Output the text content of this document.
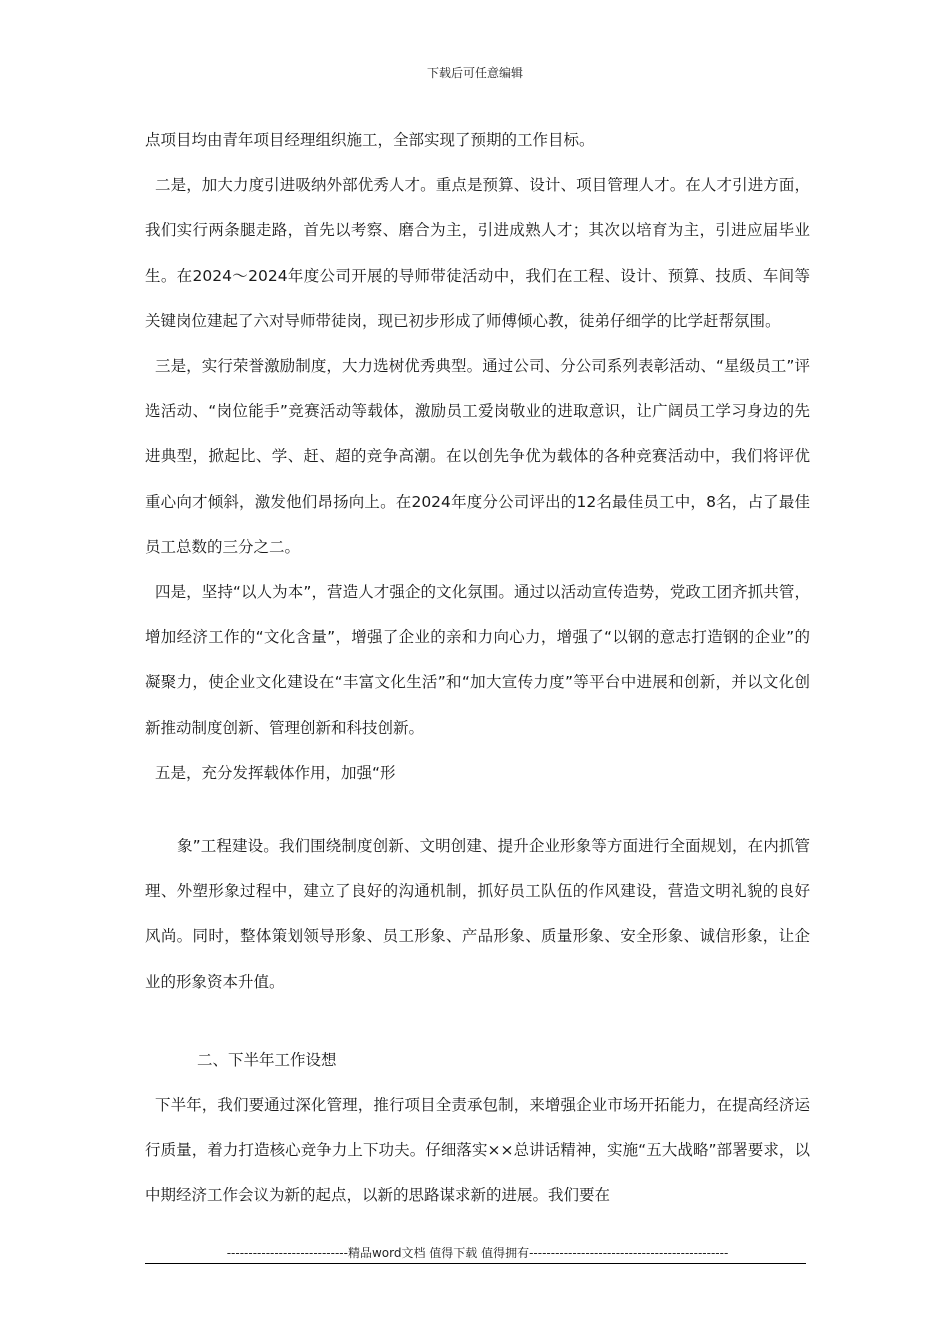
下载后可任意编辑

点项目均由青年项目经理组织施工，全部实现了预期的工作目标。

二是，加大力度引进吸纳外部优秀人才。重点是预算、设计、项目管理人才。在人才引进方面，我们实行两条腿走路，首先以考察、磨合为主，引进成熟人才；其次以培育为主，引进应届毕业生。在2024～2024年度公司开展的导师带徒活动中，我们在工程、设计、预算、技质、车间等关键岗位建起了六对导师带徒岗，现已初步形成了师傅倾心教，徒弟仔细学的比学赶帮氛围。

三是，实行荣誉激励制度，大力选树优秀典型。通过公司、分公司系列表彰活动、“星级员工”评选活动、“岗位能手”竞赛活动等载体，激励员工爱岗敬业的进取意识，让广阔员工学习身边的先进典型，掀起比、学、赶、超的竞争高潮。在以创先争优为载体的各种竞赛活动中，我们将评优重心向才倾斜，激发他们昂扬向上。在2024年度分公司评出的12名最佳员工中，8名，占了最佳员工总数的三分之二。

四是，坚持“以人为本”，营造人才强企的文化氛围。通过以活动宣传造势，党政工团齐抓共管，增加经济工作的“文化含量”，增强了企业的亲和力向心力，增强了“以钢的意志打造钢的企业”的凝聚力，使企业文化建设在“丰富文化生活”和“加大宣传力度”等平台中进展和创新，并以文化创新推动制度创新、管理创新和科技创新。

五是，充分发挥载体作用，加强“形

象”工程建设。我们围绕制度创新、文明创建、提升企业形象等方面进行全面规划，在内抓管理、外塑形象过程中，建立了良好的沟通机制，抓好员工队伍的作风建设，营造文明礼貌的良好风尚。同时，整体策划领导形象、员工形象、产品形象、质量形象、安全形象、诚信形象，让企业的形象资本升值。

二、下半年工作设想

下半年，我们要通过深化管理，推行项目全责承包制，来增强企业市场开拓能力，在提高经济运行质量，着力打造核心竞争力上下功夫。仔细落实××总讲话精神，实施“五大战略”部署要求，以中期经济工作会议为新的起点，以新的思路谋求新的进展。我们要在

----------------------------精品word文档 值得下载 值得拥有----------------------------------------------
